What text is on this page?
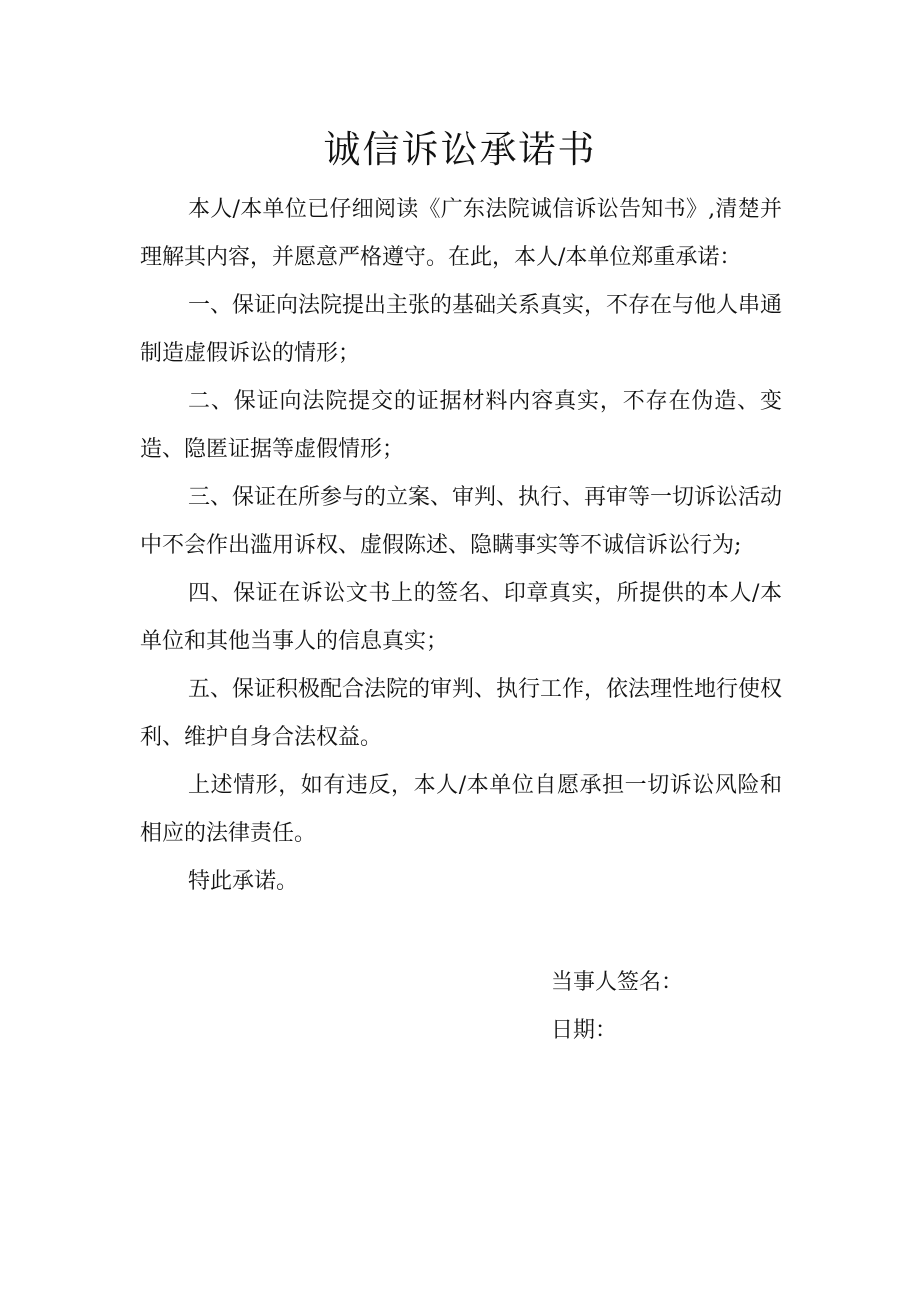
诚信诉讼承诺书

本人/本单位已仔细阅读《广东法院诚信诉讼告知书》,清楚并理解其内容，并愿意严格遵守。在此，本人/本单位郑重承诺：

一、保证向法院提出主张的基础关系真实，不存在与他人串通制造虚假诉讼的情形；

二、保证向法院提交的证据材料内容真实，不存在伪造、变造、隐匿证据等虚假情形；

三、保证在所参与的立案、审判、执行、再审等一切诉讼活动中不会作出滥用诉权、虚假陈述、隐瞒事实等不诚信诉讼行为;

四、保证在诉讼文书上的签名、印章真实，所提供的本人/本单位和其他当事人的信息真实；

五、保证积极配合法院的审判、执行工作，依法理性地行使权利、维护自身合法权益。

上述情形，如有违反，本人/本单位自愿承担一切诉讼风险和相应的法律责任。

特此承诺。

当事人签名：

日期：
